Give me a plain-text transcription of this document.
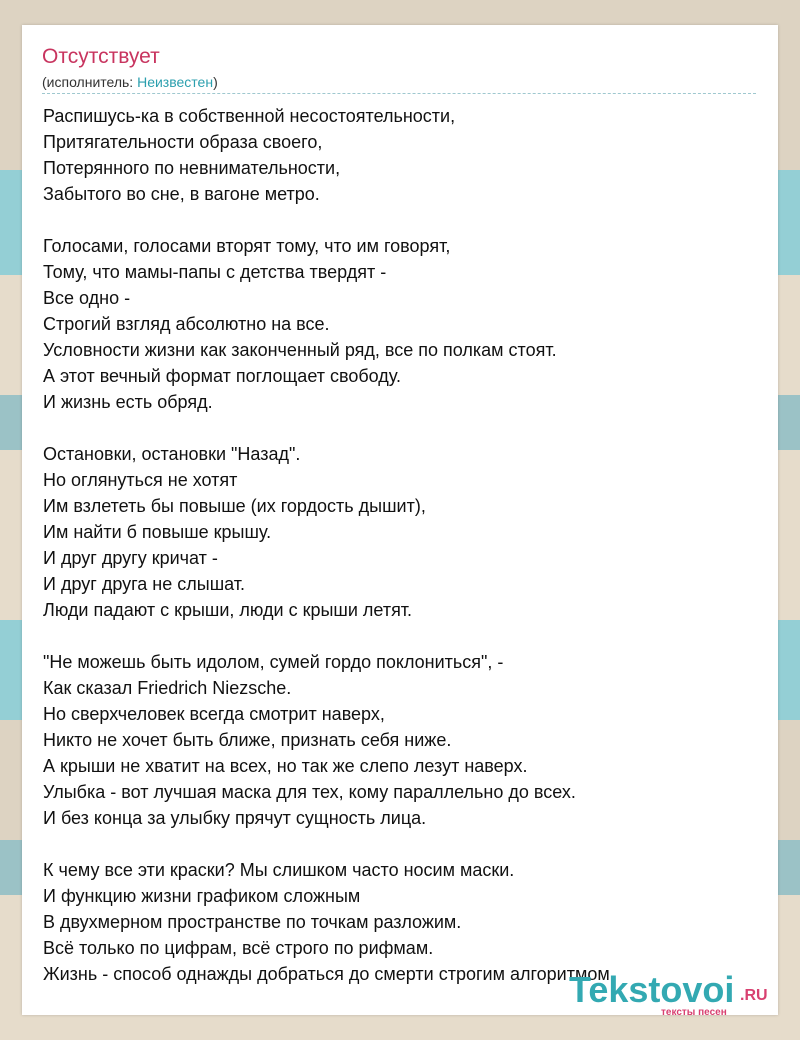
Отсутствует
(исполнитель: Неизвестен)
Распишусь-ка в собственной несостоятельности,
Притягательности образа своего,
Потерянного по невнимательности,
Забытого во сне, в вагоне метро.
Голосами, голосами вторят тому, что им говорят,
Тому, что мамы-папы с детства твердят -
Все одно -
Строгий взгляд абсолютно на все.
Условности жизни как законченный ряд, все по полкам стоят.
А этот вечный формат поглощает свободу.
И жизнь есть обряд.
Остановки, остановки "Назад".
Но оглянуться не хотят
Им взлететь бы повыше (их гордость дышит),
Им найти б повыше крышу.
И друг другу кричат -
И друг друга не слышат.
Люди падают с крыши, люди с крыши летят.
"Не можешь быть идолом, сумей гордо поклониться", -
Как сказал Friedrich Niezsche.
Но сверхчеловек всегда смотрит наверх,
Никто не хочет быть ближе, признать себя ниже.
А крыши не хватит на всех, но так же слепо лезут наверх.
Улыбка - вот лучшая маска для тех, кому параллельно до всех.
И без конца за улыбку прячут сущность лица.
К чему все эти краски? Мы слишком часто носим маски.
И функцию жизни графиком сложным
В двухмерном пространстве по точкам разложим.
Всё только по цифрам, всё строго по рифмам.
Жизнь - способ однажды добраться до смерти строгим алгоритмом.
Tekstovoi .RU
тексты песен
